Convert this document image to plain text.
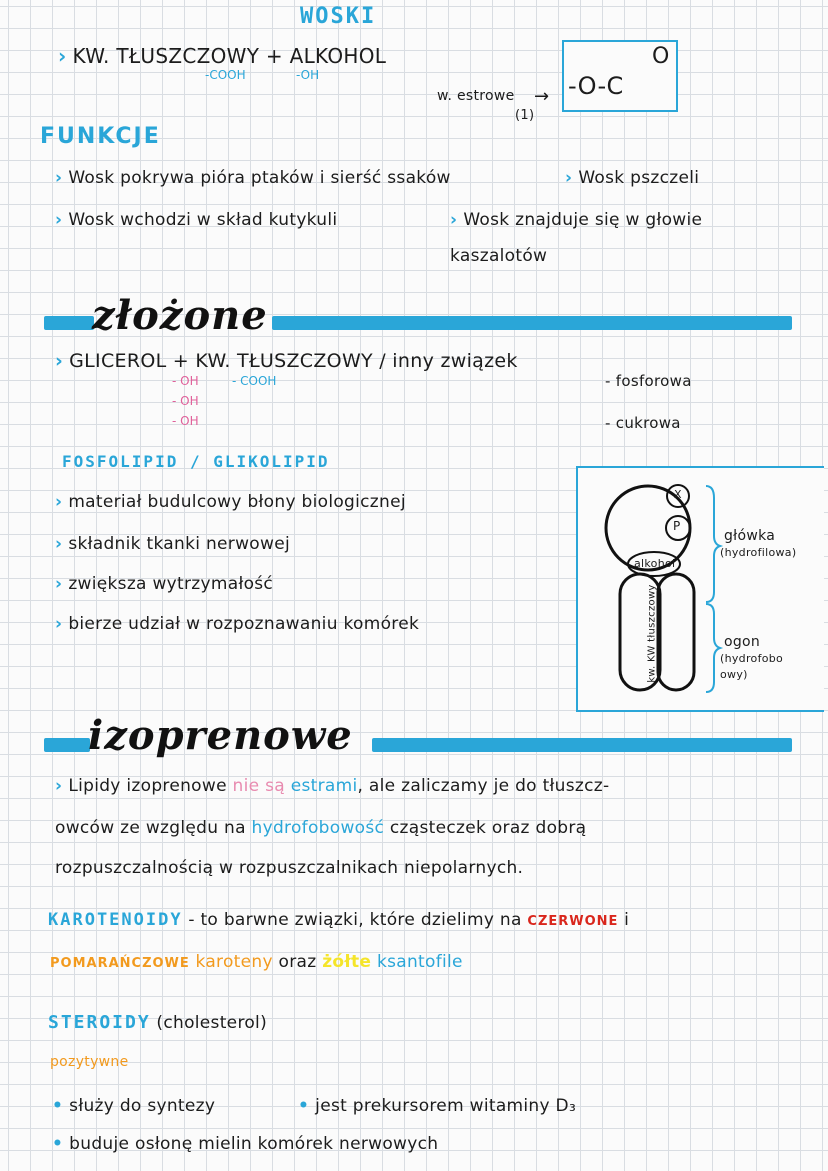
WOSKI
› KW. TŁUSZCZOWY + ALKOHOL
-COOH	-OH
w. estrowe
(1)
→ -O-C
O
FUNKCJE
› Wosk pokrywa pióra ptaków i sierść ssaków	› Wosk pszczeli
› Wosk wchodzi w skład kutykuli	› Wosk znajduje się w głowie
kaszalotów
złożone
› GLICEROL + KW. TŁUSZCZOWY / inny związek
- OH
- OH
- OH
- COOH	- fosforowa
- cukrowa
FOSFOLIPID / GLIKOLIPID
› materiał budulcowy błony biologicznej
› składnik tkanki nerwowej
› zwiększa wytrzymałość
› bierze udział w rozpoznawaniu komórek
X
P
alkohol
kw. KW tłuszczowy
główka
(hydrofilowa)
ogon
(hydrofobo
owy)
izoprenowe
› Lipidy izoprenowe nie są estrami, ale zaliczamy je do tłuszcz-
owców ze względu na hydrofobowość cząsteczek oraz dobrą
rozpuszczalnością w rozpuszczalnikach niepolarnych.
KAROTENOIDY - to barwne związki, które dzielimy na CZERWONE i
POMARAŃCZOWE karoteny oraz żółte ksantofile
STEROIDY (cholesterol)
pozytywne
• służy do syntezy	• jest prekursorem witaminy D₃
• buduje osłonę mielin komórek nerwowych
